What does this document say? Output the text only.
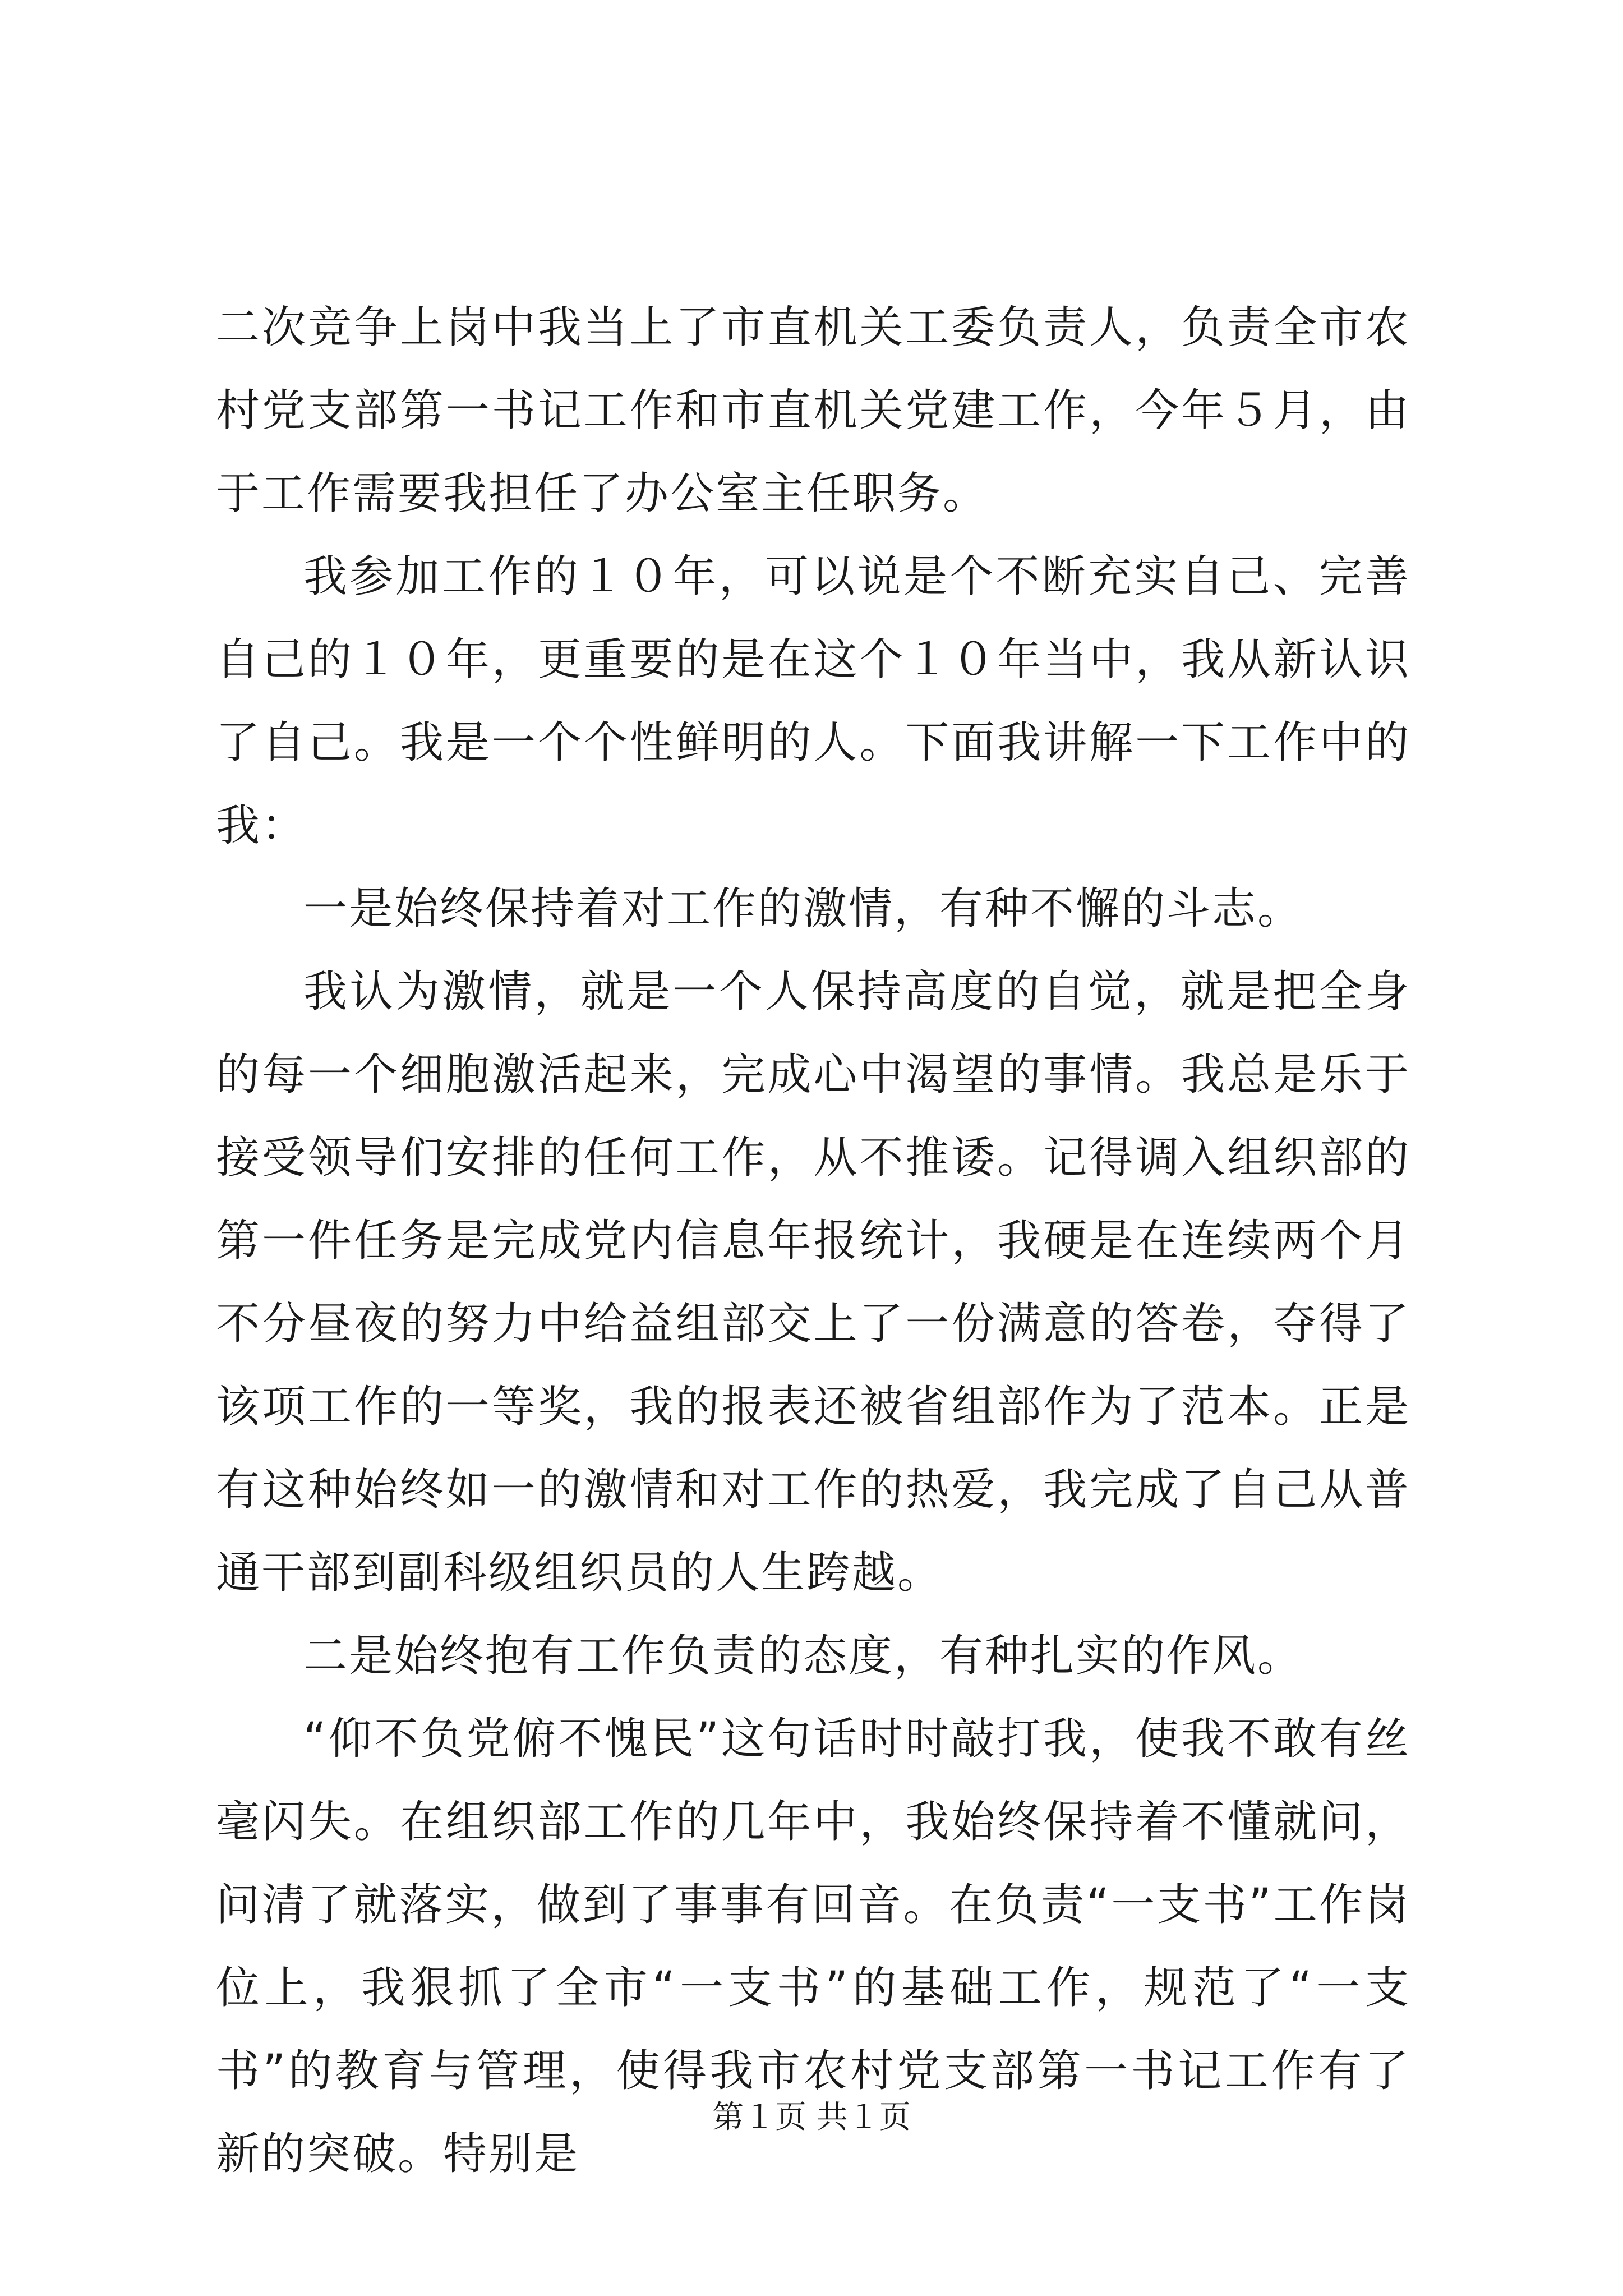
二次竞争上岗中我当上了市直机关工委负责人，负责全市农村党支部第一书记工作和市直机关党建工作，今年５月，由于工作需要我担任了办公室主任职务。

我参加工作的１０年，可以说是个不断充实自己、完善自己的１０年，更重要的是在这个１０年当中，我从新认识了自己。我是一个个性鲜明的人。下面我讲解一下工作中的我：

一是始终保持着对工作的激情，有种不懈的斗志。

我认为激情，就是一个人保持高度的自觉，就是把全身的每一个细胞激活起来，完成心中渴望的事情。我总是乐于接受领导们安排的任何工作，从不推诿。记得调入组织部的第一件任务是完成党内信息年报统计，我硬是在连续两个月不分昼夜的努力中给益组部交上了一份满意的答卷，夺得了该项工作的一等奖，我的报表还被省组部作为了范本。正是有这种始终如一的激情和对工作的热爱，我完成了自己从普通干部到副科级组织员的人生跨越。

二是始终抱有工作负责的态度，有种扎实的作风。

“仰不负党俯不愧民”这句话时时敲打我，使我不敢有丝毫闪失。在组织部工作的几年中，我始终保持着不懂就问，问清了就落实，做到了事事有回音。在负责“一支书”工作岗位上，我狠抓了全市“一支书”的基础工作，规范了“一支书”的教育与管理，使得我市农村党支部第一书记工作有了新的突破。特别是

第１页 共１页
